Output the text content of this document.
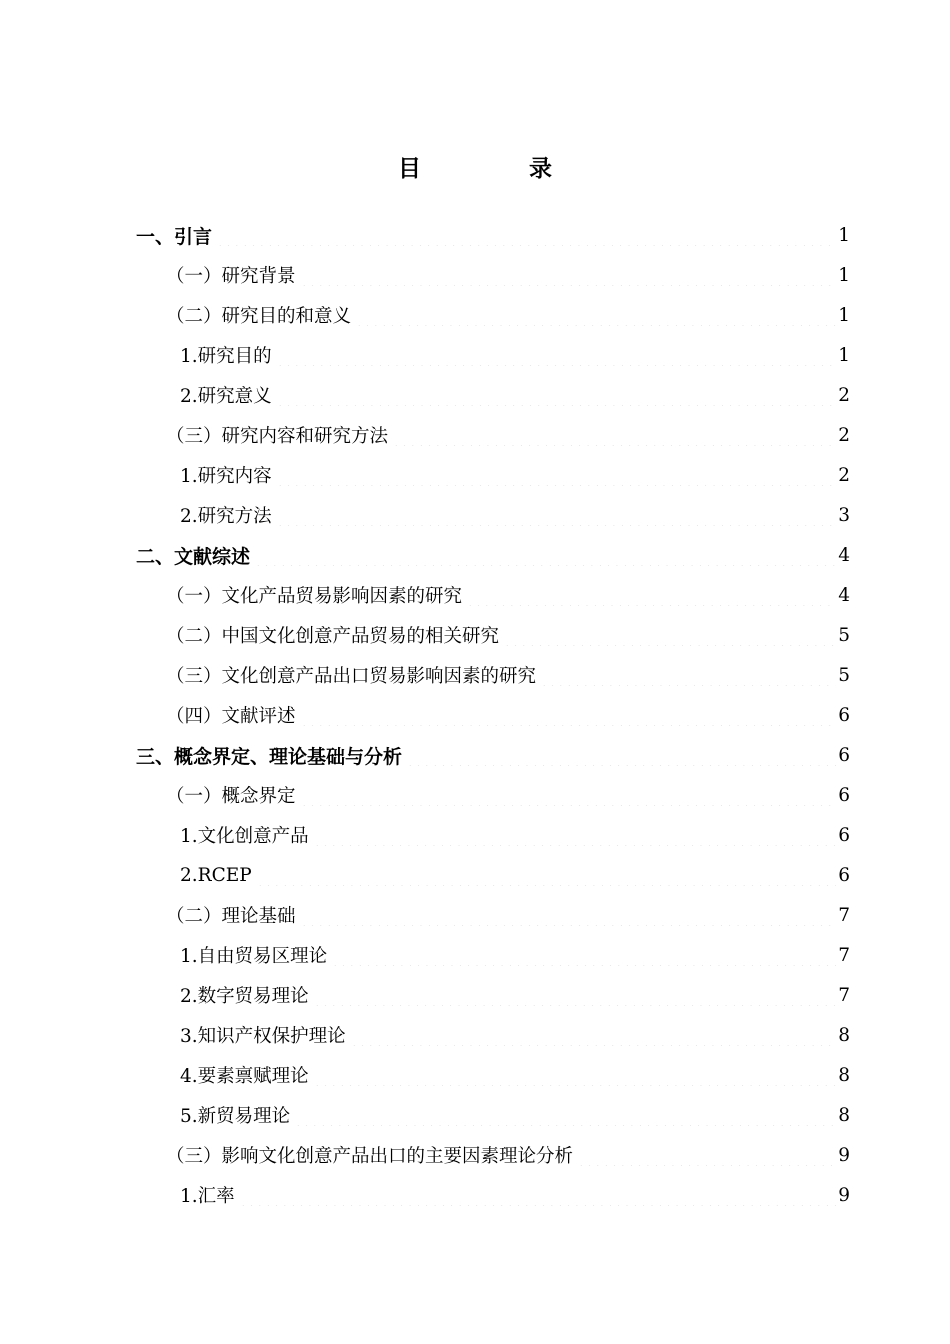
目	录
一、引言	1
（一）研究背景	1
（二）研究目的和意义	1
1.研究目的	1
2.研究意义	2
（三）研究内容和研究方法	2
1.研究内容	2
2.研究方法	3
二、文献综述	4
（一）文化产品贸易影响因素的研究	4
（二）中国文化创意产品贸易的相关研究	5
（三）文化创意产品出口贸易影响因素的研究	5
（四）文献评述	6
三、概念界定、理论基础与分析	6
（一）概念界定	6
1.文化创意产品	6
2.RCEP	6
（二）理论基础	7
1.自由贸易区理论	7
2.数字贸易理论	7
3.知识产权保护理论	8
4.要素禀赋理论	8
5.新贸易理论	8
（三）影响文化创意产品出口的主要因素理论分析	9
1.汇率	9
